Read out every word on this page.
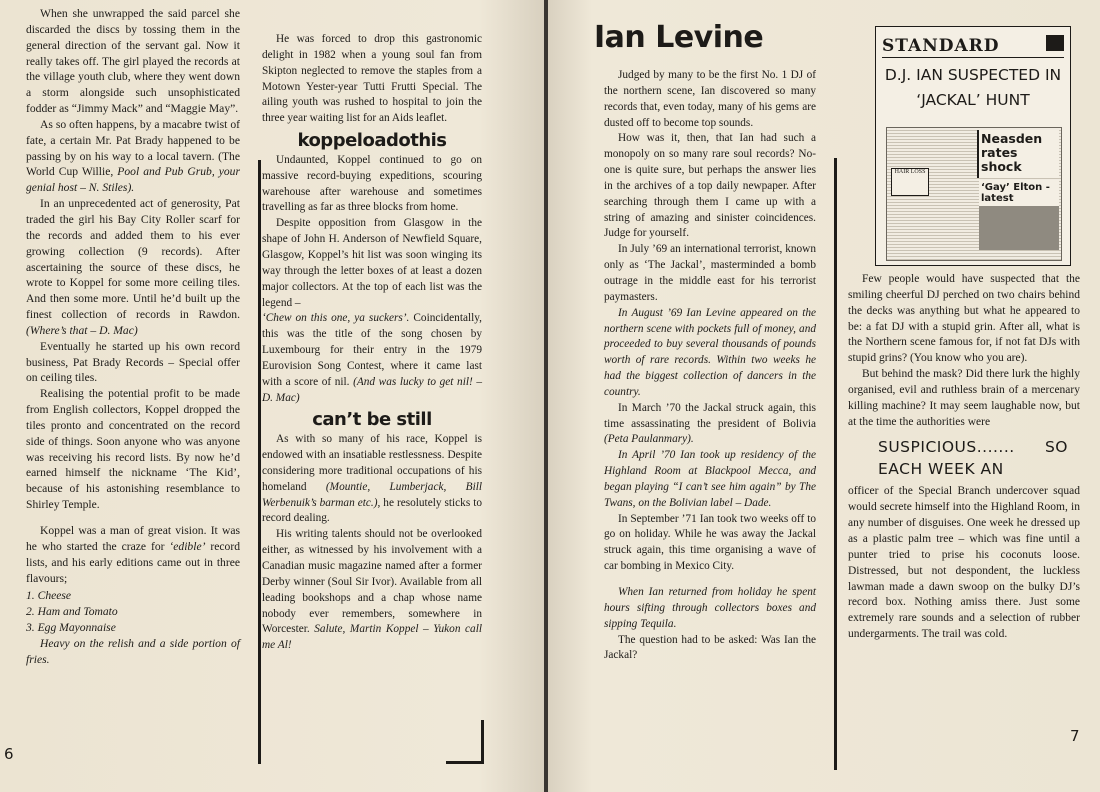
When she unwrapped the said parcel she discarded the discs by tossing them in the general direction of the servant gal. Now it really takes off. The girl played the records at the village youth club, where they went down a storm alongside such unsophisticated fodder as “Jimmy Mack” and “Maggie May”.

As so often happens, by a macabre twist of fate, a certain Mr. Pat Brady happened to be passing by on his way to a local tavern. (The World Cup Willie, Pool and Pub Grub, your genial host – N. Stiles).

In an unprecedented act of generosity, Pat traded the girl his Bay City Roller scarf for the records and added them to his ever growing collection (9 records). After ascertaining the source of these discs, he wrote to Koppel for some more ceiling tiles. And then some more. Until he’d built up the finest collection of records in Rawdon. (Where’s that – D. Mac)

Eventually he started up his own record business, Pat Brady Records – Special offer on ceiling tiles.

Realising the potential profit to be made from English collectors, Koppel dropped the tiles pronto and concentrated on the record side of things. Soon anyone who was anyone was receiving his record lists. By now he’d earned himself the nickname ‘The Kid’, because of his astonishing resemblance to Shirley Temple.

Koppel was a man of great vision. It was he who started the craze for ‘edible’ record lists, and his early editions came out in three flavours;

1. Cheese
2. Ham and Tomato
3. Egg Mayonnaise

Heavy on the relish and a side portion of fries.

6

He was forced to drop this gastronomic delight in 1982 when a young soul fan from Skipton neglected to remove the staples from a Motown Yester-year Tutti Frutti Special. The ailing youth was rushed to hospital to join the three year waiting list for an Aids leaflet.

koppeloadothis

Undaunted, Koppel continued to go on massive record-buying expeditions, scouring warehouse after warehouse and sometimes travelling as far as three blocks from home.

Despite opposition from Glasgow in the shape of John H. Anderson of Newfield Square, Glasgow, Koppel’s hit list was soon winging its way through the letter boxes of at least a dozen major collectors. At the top of each list was the legend –

‘Chew on this one, ya suckers’. Coincidentally, this was the title of the song chosen by Luxembourg for their entry in the 1979 Eurovision Song Contest, where it came last with a score of nil. (And was lucky to get nil! – D. Mac)

can’t be still

As with so many of his race, Koppel is endowed with an insatiable restlessness. Despite considering more traditional occupations of his homeland (Mountie, Lumberjack, Bill Werbenuik’s barman etc.), he resolutely sticks to record dealing.

His writing talents should not be overlooked either, as witnessed by his involvement with a Canadian music magazine named after a former Derby winner (Soul Sir Ivor). Available from all leading bookshops and a chap whose name nobody ever remembers, somewhere in Worcester. Salute, Martin Koppel – Yukon call me Al!

Ian Levine

Judged by many to be the first No. 1 DJ of the northern scene, Ian discovered so many records that, even today, many of his gems are dusted off to become top sounds.

How was it, then, that Ian had such a monopoly on so many rare soul records? No-one is quite sure, but perhaps the answer lies in the archives of a top daily newpaper. After searching through them I came up with a string of amazing and sinister coincidences. Judge for yourself.

In July ’69 an international terrorist, known only as ‘The Jackal’, masterminded a bomb outrage in the middle east for his terrorist paymasters.

In August ’69 Ian Levine appeared on the northern scene with pockets full of money, and proceeded to buy several thousands of pounds worth of rare records. Within two weeks he had the biggest collection of dancers in the country.

In March ’70 the Jackal struck again, this time assassinating the president of Bolivia (Peta Paulanmary).

In April ’70 Ian took up residency of the Highland Room at Blackpool Mecca, and began playing “I can’t see him again” by The Twans, on the Bolivian label – Dade.

In September ’71 Ian took two weeks off to go on holiday. While he was away the Jackal struck again, this time organising a wave of car bombing in Mexico City.

When Ian returned from holiday he spent hours sifting through collectors boxes and sipping Tequila.

The question had to be asked: Was Ian the Jackal?

STANDARD
D.J. IAN SUSPECTED IN ‘JACKAL’ HUNT
Neasden rates shock
HAIR LOSS
‘Gay’ Elton - latest

Few people would have suspected that the smiling cheerful DJ perched on two chairs behind the decks was anything but what he appeared to be: a fat DJ with a stupid grin. After all, what is the Northern scene famous for, if not fat DJs with stupid grins? (You know who you are).

But behind the mask? Did there lurk the highly organised, evil and ruthless brain of a mercenary killing machine? It may seem laughable now, but at the time the authorities were

SUSPICIOUS....... SO EACH WEEK AN

officer of the Special Branch undercover squad would secrete himself into the Highland Room, in any number of disguises. One week he dressed up as a plastic palm tree – which was fine until a punter tried to prise his coconuts loose. Distressed, but not despondent, the luckless lawman made a dawn swoop on the bulky DJ’s record box. Nothing amiss there. Just some extremely rare sounds and a selection of rubber undergarments. The trail was cold.

7
